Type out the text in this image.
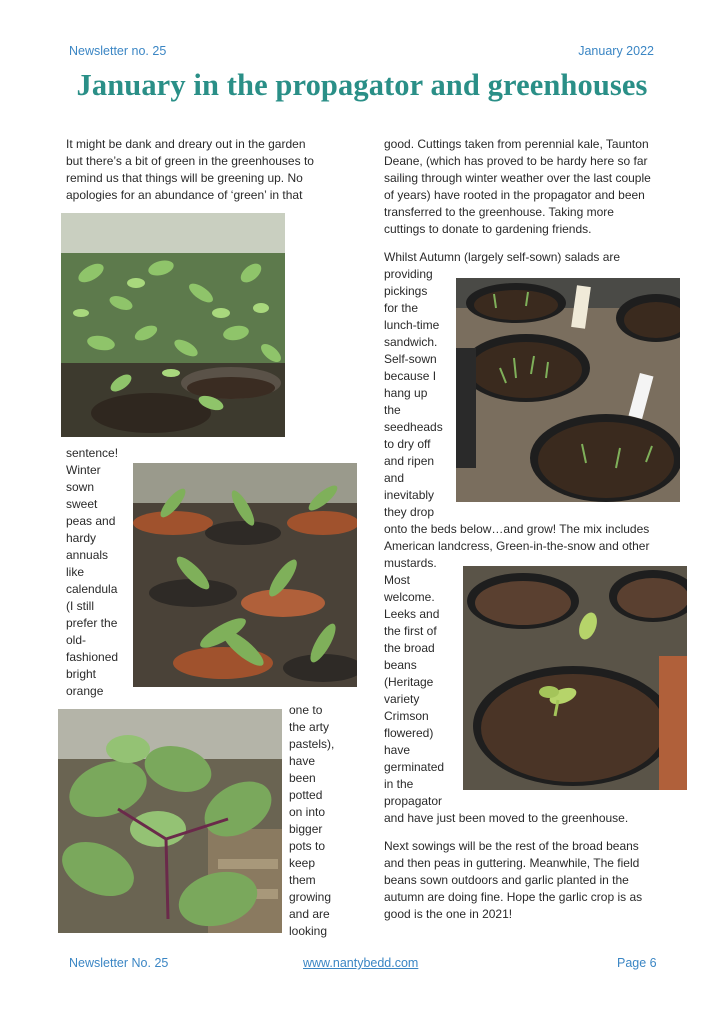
Newsletter no. 25	January 2022
January in the propagator and greenhouses
It might be dank and dreary out in the garden
but there’s a bit of green in the greenhouses to
remind us that things will be greening up. No
apologies for an abundance of ‘green’ in that
sentence!
Winter
sown
sweet
peas and
hardy
annuals
like
calendula
(I still
prefer the
old-
fashioned
bright
orange
one to
the arty
pastels),
have
been
potted
on into
bigger
pots to
keep
them
growing
and are
looking
good. Cuttings taken from perennial kale, Taunton
Deane, (which has proved to be hardy here so far
sailing through winter weather over the last couple
of years) have rooted in the propagator and been
transferred to the greenhouse. Taking more
cuttings to donate to gardening friends.
Whilst Autumn (largely self-sown) salads are
providing
pickings
for the
lunch-time
sandwich.
Self-sown
because I
hang up
the
seedheads
to dry off
and ripen
and
inevitably
they drop
onto the beds below…and grow! The mix includes
American landcress, Green-in-the-snow and other
mustards.
Most
welcome.
Leeks and
the first of
the broad
beans
(Heritage
variety
Crimson
flowered)
have
germinated
in the
propagator
and have just been moved to the greenhouse.
Next sowings will be the rest of the broad beans
and then peas in guttering. Meanwhile, The field
beans sown outdoors and garlic planted in the
autumn are doing fine. Hope the garlic crop is as
good is the one in 2021!
Newsletter No. 25	www.nantybedd.com	Page 6
